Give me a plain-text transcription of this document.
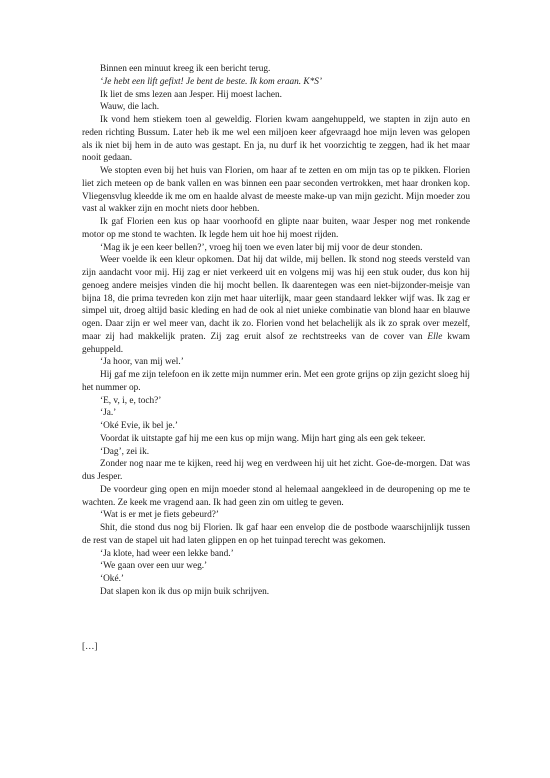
Binnen een minuut kreeg ik een bericht terug.

‘Je hebt een lift gefixt! Je bent de beste. Ik kom eraan. K*S’

Ik liet de sms lezen aan Jesper. Hij moest lachen.

Wauw, die lach.

Ik vond hem stiekem toen al geweldig. Florien kwam aangehuppeld, we stapten in zijn auto en reden richting Bussum. Later heb ik me wel een miljoen keer afgevraagd hoe mijn leven was gelopen als ik niet bij hem in de auto was gestapt. En ja, nu durf ik het voorzichtig te zeggen, had ik het maar nooit gedaan.

We stopten even bij het huis van Florien, om haar af te zetten en om mijn tas op te pikken. Florien liet zich meteen op de bank vallen en was binnen een paar seconden vertrokken, met haar dronken kop. Vliegensvlug kleedde ik me om en haalde alvast de meeste make-up van mijn gezicht. Mijn moeder zou vast al wakker zijn en mocht niets door hebben.

Ik gaf Florien een kus op haar voorhoofd en glipte naar buiten, waar Jesper nog met ronkende motor op me stond te wachten. Ik legde hem uit hoe hij moest rijden.

‘Mag ik je een keer bellen?’, vroeg hij toen we even later bij mij voor de deur stonden.

Weer voelde ik een kleur opkomen. Dat hij dat wilde, mij bellen. Ik stond nog steeds versteld van zijn aandacht voor mij. Hij zag er niet verkeerd uit en volgens mij was hij een stuk ouder, dus kon hij genoeg andere meisjes vinden die hij mocht bellen. Ik daarentegen was een niet-bijzonder-meisje van bijna 18, die prima tevreden kon zijn met haar uiterlijk, maar geen standaard lekker wijf was. Ik zag er simpel uit, droeg altijd basic kleding en had de ook al niet unieke combinatie van blond haar en blauwe ogen. Daar zijn er wel meer van, dacht ik zo. Florien vond het belachelijk als ik zo sprak over mezelf, maar zij had makkelijk praten. Zij zag eruit alsof ze rechtstreeks van de cover van Elle kwam gehuppeld.

‘Ja hoor, van mij wel.’

Hij gaf me zijn telefoon en ik zette mijn nummer erin. Met een grote grijns op zijn gezicht sloeg hij het nummer op.

‘E, v, i, e, toch?’

‘Ja.’

‘Oké Evie, ik bel je.’

Voordat ik uitstapte gaf hij me een kus op mijn wang. Mijn hart ging als een gek tekeer.

‘Dag’, zei ik.

Zonder nog naar me te kijken, reed hij weg en verdween hij uit het zicht. Goe-de-morgen. Dat was dus Jesper.

De voordeur ging open en mijn moeder stond al helemaal aangekleed in de deuropening op me te wachten. Ze keek me vragend aan. Ik had geen zin om uitleg te geven.

‘Wat is er met je fiets gebeurd?’

Shit, die stond dus nog bij Florien. Ik gaf haar een envelop die de postbode waarschijnlijk tussen de rest van de stapel uit had laten glippen en op het tuinpad terecht was gekomen.

‘Ja klote, had weer een lekke band.’

‘We gaan over een uur weg.’

‘Oké.’

Dat slapen kon ik dus op mijn buik schrijven.

[…]
